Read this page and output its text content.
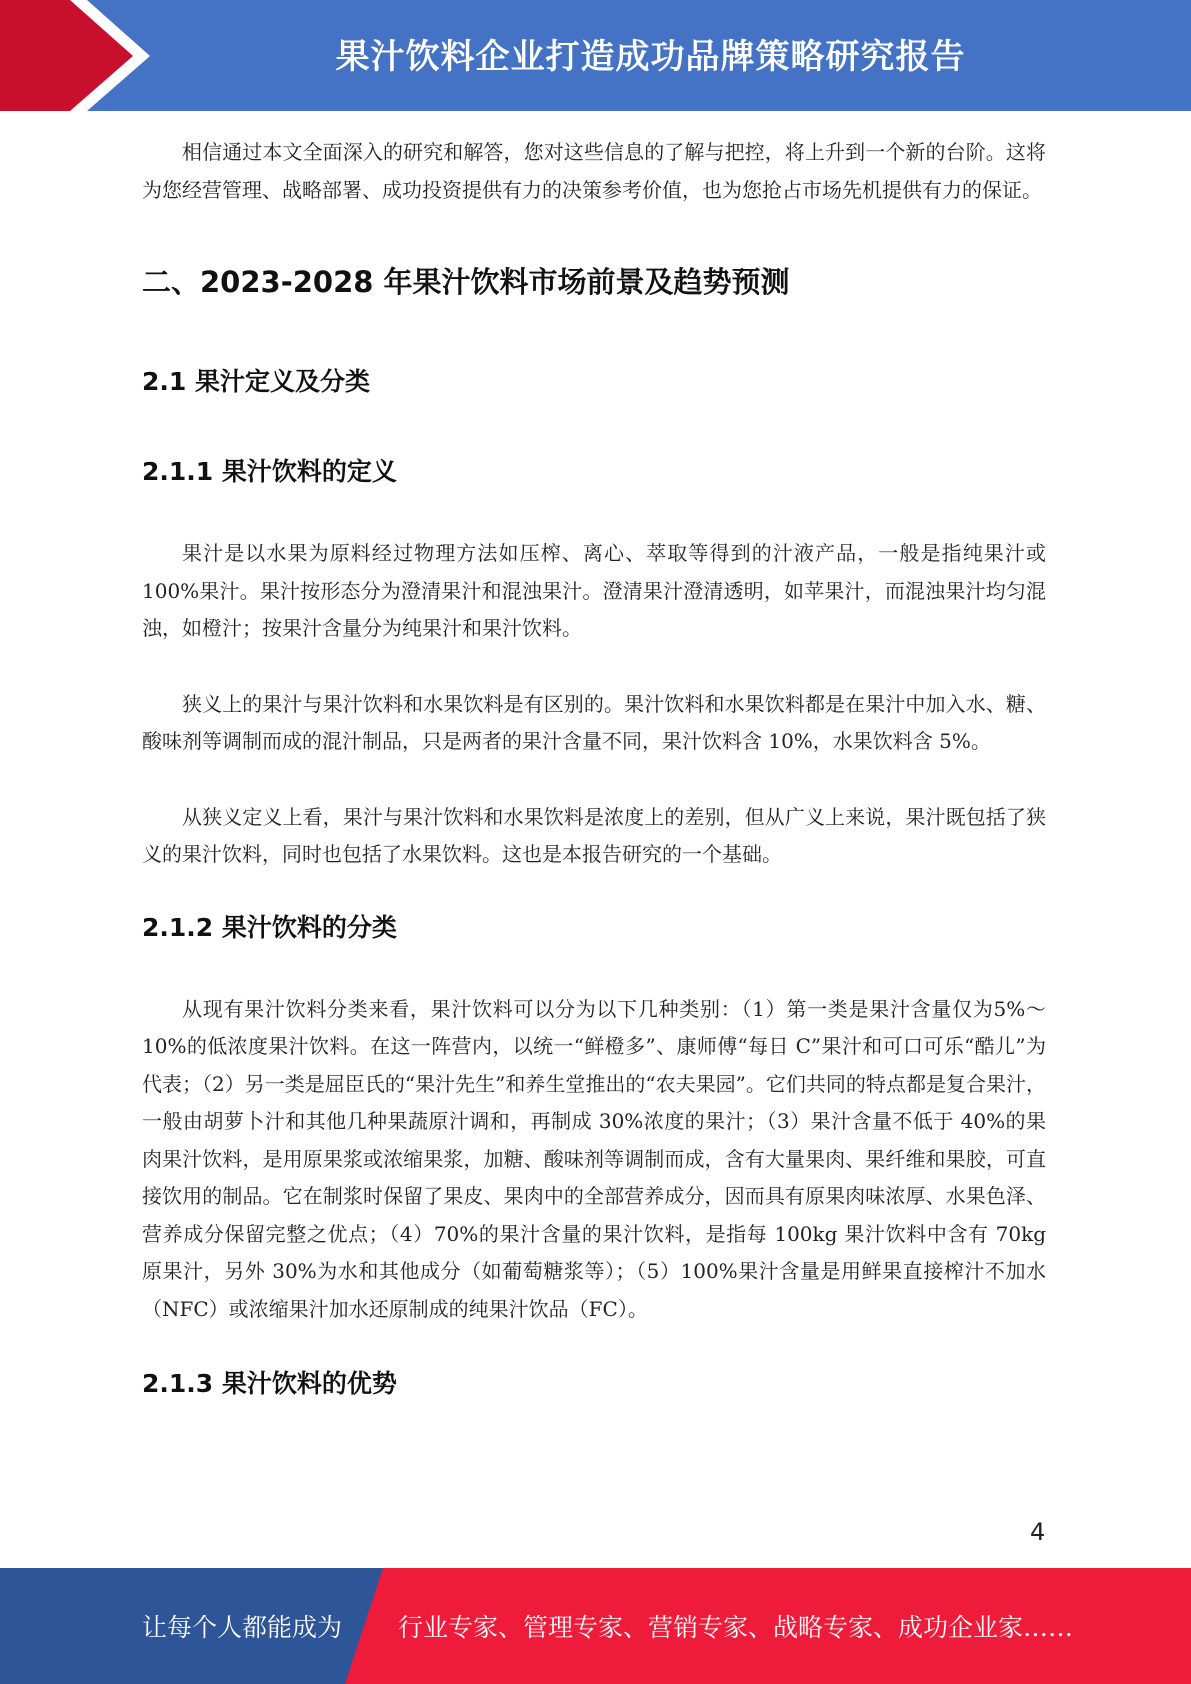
果汁饮料企业打造成功品牌策略研究报告

相信通过本文全面深入的研究和解答，您对这些信息的了解与把控，将上升到一个新的台阶。这将为您经营管理、战略部署、成功投资提供有力的决策参考价值，也为您抢占市场先机提供有力的保证。

二、2023-2028 年果汁饮料市场前景及趋势预测
2.1 果汁定义及分类
2.1.1 果汁饮料的定义

果汁是以水果为原料经过物理方法如压榨、离心、萃取等得到的汁液产品，一般是指纯果汁或100%果汁。果汁按形态分为澄清果汁和混浊果汁。澄清果汁澄清透明，如苹果汁，而混浊果汁均匀混浊，如橙汁；按果汁含量分为纯果汁和果汁饮料。

狭义上的果汁与果汁饮料和水果饮料是有区别的。果汁饮料和水果饮料都是在果汁中加入水、糖、酸味剂等调制而成的混汁制品，只是两者的果汁含量不同，果汁饮料含 10%，水果饮料含 5%。

从狭义定义上看，果汁与果汁饮料和水果饮料是浓度上的差别，但从广义上来说，果汁既包括了狭义的果汁饮料，同时也包括了水果饮料。这也是本报告研究的一个基础。

2.1.2 果汁饮料的分类

从现有果汁饮料分类来看，果汁饮料可以分为以下几种类别：（1）第一类是果汁含量仅为5%～10%的低浓度果汁饮料。在这一阵营内，以统一“鲜橙多”、康师傅“每日 C”果汁和可口可乐“酷儿”为代表；（2）另一类是屈臣氏的“果汁先生”和养生堂推出的“农夫果园”。它们共同的特点都是复合果汁，一般由胡萝卜汁和其他几种果蔬原汁调和，再制成 30%浓度的果汁；（3）果汁含量不低于 40%的果肉果汁饮料，是用原果浆或浓缩果浆，加糖、酸味剂等调制而成，含有大量果肉、果纤维和果胶，可直接饮用的制品。它在制浆时保留了果皮、果肉中的全部营养成分，因而具有原果肉味浓厚、水果色泽、营养成分保留完整之优点；（4）70%的果汁含量的果汁饮料，是指每 100kg 果汁饮料中含有 70kg 原果汁，另外 30%为水和其他成分（如葡萄糖浆等）；（5）100%果汁含量是用鲜果直接榨汁不加水（NFC）或浓缩果汁加水还原制成的纯果汁饮品（FC）。

2.1.3 果汁饮料的优势
4
让每个人都能成为 行业专家、管理专家、营销专家、战略专家、成功企业家……
